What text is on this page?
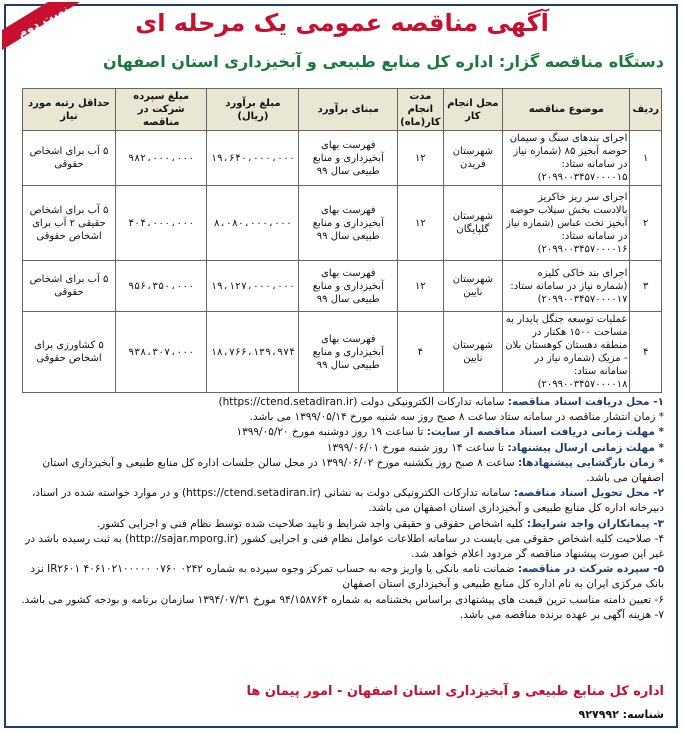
نوبت دوم	آگهی مناقصه عمومی یک مرحله ای
دستگاه مناقصه گزار: اداره کل منابع طبیعی و آبخیزداری استان اصفهان
ردیف	موضوع مناقصه	محل انجام کار	مدت انجام کار(ماه)	مبنای برآورد	مبلغ برآورد (ریال)	مبلغ سپرده شرکت در مناقصه	حداقل رتبه مورد نیاز
۱	اجرای بندهای سنگ و سیمان حوضه آبخیز ۸۵ (شماره نیاز در سامانه ستاد: ۲۰۹۹۰۰۳۴۵۷۰۰۰۰۱۵)	شهرستان فریدن	۱۲	فهرست بهای آبخیزداری و منابع طبیعی سال ۹۹	۱۹،۶۴۰،۰۰۰،۰۰۰	۹۸۲،۰۰۰،۰۰۰	۵ آب برای اشخاص حقوقی
۲	اجرای سر ریز خاکریز بالادست بخش سیلاب حوضه آبخیز تخت عباس (شماره نیاز در سامانه ستاد: ۲۰۹۹۰۰۳۴۵۷۰۰۰۰۱۶)	شهرستان گلپایگان	۱۲	فهرست بهای آبخیزداری و منابع طبیعی سال ۹۹	۸،۰۸۰،۰۰۰،۰۰۰	۴۰۴،۰۰۰،۰۰۰	۵ آب برای اشخاص حقیقی ۲ آب برای اشخاص حقوقی
۳	اجرای بند خاکی کلیزه (شماره نیاز در سامانه ستاد: ۲۰۹۹۰۰۳۴۵۷۰۰۰۰۱۷)	شهرستان نایین	۱۲	فهرست بهای آبخیزداری و منابع طبیعی سال ۹۹	۱۹،۱۲۷،۰۰۰،۰۰۰	۹۵۶،۳۵۰،۰۰۰	۵ آب برای اشخاص حقوقی
۴	عملیات توسعه جنگل پایدار به مساحت ۱۵۰۰ هکتار در منطقه دهستان کوهستان بلان - مزیک (شماره نیاز در سامانه ستاد: ۲۰۹۹۰۰۳۴۵۷۰۰۰۰۱۸)	شهرستان نایین	۴	فهرست بهای آبخیزداری و منابع طبیعی سال ۹۹	۱۸،۷۶۶،۱۳۹،۹۷۴	۹۳۸،۳۰۷،۰۰۰	۵ کشاورزی برای اشخاص حقوقی

۱- محل دریافت اسناد مناقصه: سامانه تدارکات الکترونیکی دولت (https://ctend.setadiran.ir)

* زمان انتشار مناقصه در سامانه ستاد ساعت ۸ صبح روز سه شنبه مورخ ۱۳۹۹/۰۵/۱۴ می باشد.

* مهلت زمانی دریافت اسناد مناقصه از سایت: تا ساعت ۱۹ روز دوشنبه مورخ ۱۳۹۹/۰۵/۲۰

* مهلت زمانی ارسال پیشنهاد: تا ساعت ۱۴ روز شنبه مورخ ۱۳۹۹/۰۶/۰۱

* زمان بازگشایی پیشنهادها: ساعت ۸ صبح روز یکشنبه مورخ ۱۳۹۹/۰۶/۰۲ در محل سالن جلسات اداره کل منابع طبیعی و آبخیزداری استان اصفهان می باشد.

۲- محل تحویل اسناد مناقصه: سامانه تدارکات الکترونیکی دولت به نشانی (https://ctend.setadiran.ir) و در موارد خواسته شده در اسناد، دبیرخانه اداره کل منابع طبیعی و آبخیزداری استان اصفهان می باشد.

۳- پیمانکاران واجد شرایط: کلیه اشخاص حقوقی و حقیقی واجد شرایط و تایید صلاحیت شده توسط نظام فنی و اجرایی کشور.

۴- صلاحیت کلیه اشخاص حقوقی می بایست در سامانه اطلاعات عوامل نظام فنی و اجرایی کشور (http://sajar.mporg.ir) به ثبت رسیده باشد در غیر این صورت پیشنهاد مناقصه گر مردود اعلام خواهد شد.

۵- سپرده شرکت در مناقصه: ضمانت نامه بانکی یا واریز وجه به حساب تمرکز وجوه سپرده به شماره ۰۲۴۲ ۰۷۶۰ ۴۰۶۱۰۲۱۰۰۰۰۰ IR۲۶۰۱ نزد بانک مرکزی ایران به نام اداره کل منابع طبیعی و آبخیزداری استان اصفهان

۶- تعیین دامنه مناسب ترین قیمت های پیشنهادی براساس بخشنامه به شماره ۹۴/۱۵۸۷۶۴ مورخ ۱۳۹۴/۰۷/۳۱ سازمان برنامه و بودجه کشور می باشد.

۷- هزینه آگهی بر عهده برنده مناقصه می باشد.

اداره کل منابع طبیعی و آبخیزداری استان اصفهان - امور پیمان ها
شناسه: ۹۲۷۹۹۲
